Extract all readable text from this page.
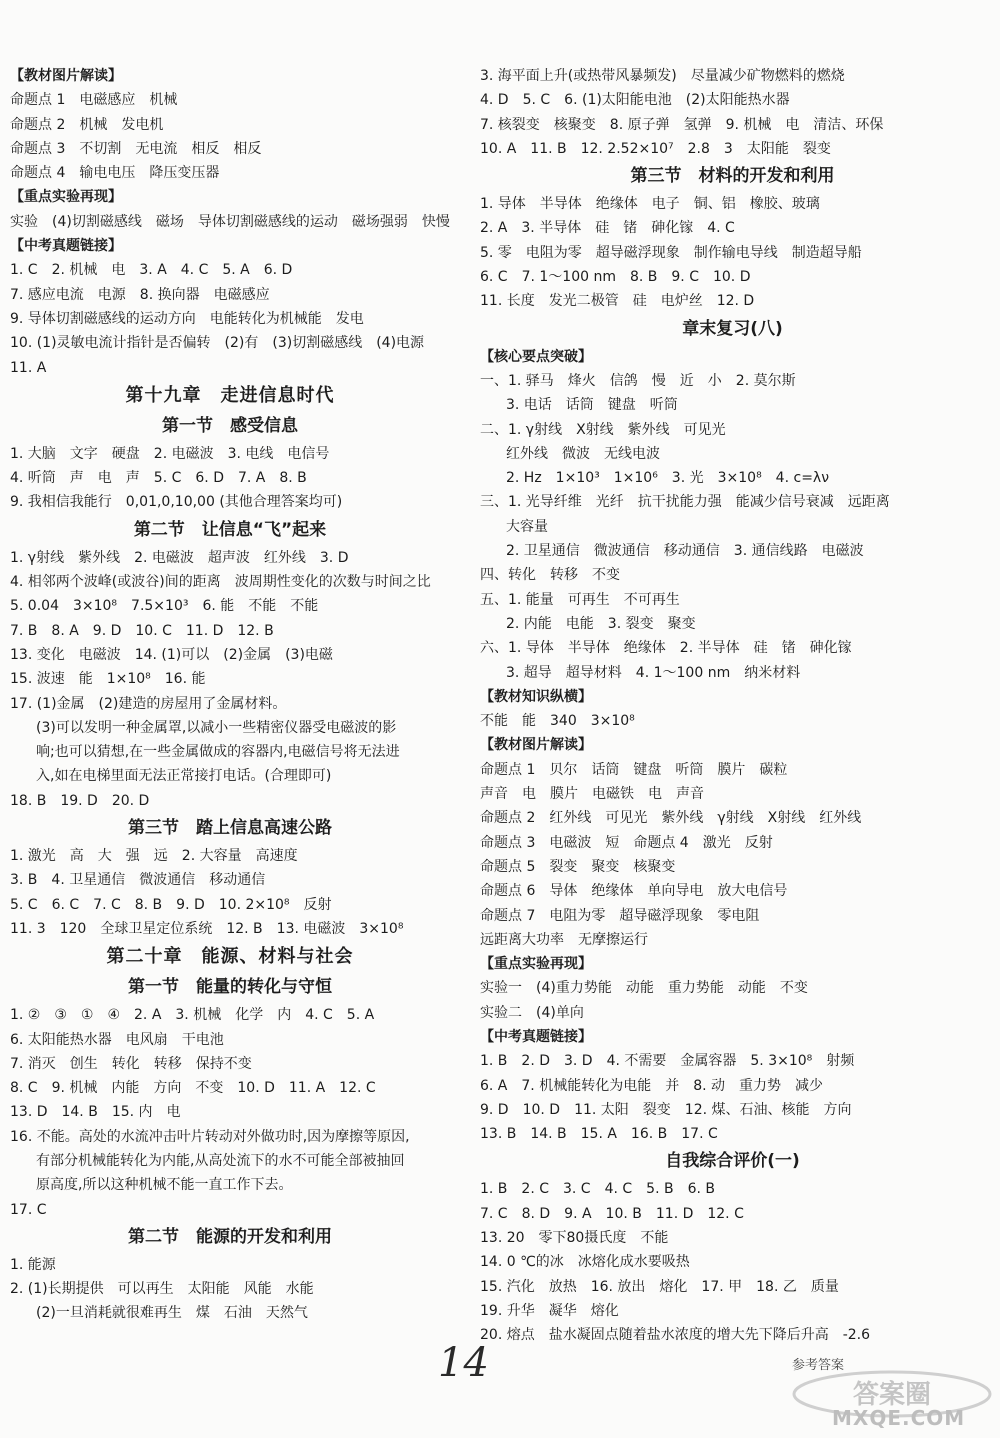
【教材图片解读】
命题点 1　电磁感应　机械
命题点 2　机械　发电机
命题点 3　不切割　无电流　相反　相反
命题点 4　输电电压　降压变压器
【重点实验再现】
实验　(4)切割磁感线　磁场　导体切割磁感线的运动　磁场强弱　快慢
【中考真题链接】
1. C　2. 机械　电　3. A　4. C　5. A　6. D
7. 感应电流　电源　8. 换向器　电磁感应
9. 导体切割磁感线的运动方向　电能转化为机械能　发电
10. (1)灵敏电流计指针是否偏转　(2)有　(3)切割磁感线　(4)电源
11. A
第十九章　走进信息时代
第一节　感受信息
1. 大脑　文字　硬盘　2. 电磁波　3. 电线　电信号
4. 听筒　声　电　声　5. C　6. D　7. A　8. B
9. 我相信我能行　0,01,0,10,00 (其他合理答案均可)
第二节　让信息“飞”起来
1. γ射线　紫外线　2. 电磁波　超声波　红外线　3. D
4. 相邻两个波峰(或波谷)间的距离　波周期性变化的次数与时间之比
5. 0.04　3×10⁸　7.5×10³　6. 能　不能　不能
7. B　8. A　9. D　10. C　11. D　12. B
13. 变化　电磁波　14. (1)可以　(2)金属　(3)电磁
15. 波速　能　1×10⁸　16. 能
17. (1)金属　(2)建造的房屋用了金属材料。
(3)可以发明一种金属罩,以减小一些精密仪器受电磁波的影
响;也可以猜想,在一些金属做成的容器内,电磁信号将无法进
入,如在电梯里面无法正常接打电话。(合理即可)
18. B　19. D　20. D
第三节　踏上信息高速公路
1. 激光　高　大　强　远　2. 大容量　高速度
3. B　4. 卫星通信　微波通信　移动通信
5. C　6. C　7. C　8. B　9. D　10. 2×10⁸　反射
11. 3　120　全球卫星定位系统　12. B　13. 电磁波　3×10⁸
第二十章　能源、材料与社会
第一节　能量的转化与守恒
1. ②　③　①　④　2. A　3. 机械　化学　内　4. C　5. A
6. 太阳能热水器　电风扇　干电池
7. 消灭　创生　转化　转移　保持不变
8. C　9. 机械　内能　方向　不变　10. D　11. A　12. C
13. D　14. B　15. 内　电
16. 不能。高处的水流冲击叶片转动对外做功时,因为摩擦等原因,
有部分机械能转化为内能,从高处流下的水不可能全部被抽回
原高度,所以这种机械不能一直工作下去。
17. C
第二节　能源的开发和利用
1. 能源
2. (1)长期提供　可以再生　太阳能　风能　水能
(2)一旦消耗就很难再生　煤　石油　天然气
3. 海平面上升(或热带风暴频发)　尽量减少矿物燃料的燃烧
4. D　5. C　6. (1)太阳能电池　(2)太阳能热水器
7. 核裂变　核聚变　8. 原子弹　氢弹　9. 机械　电　清洁、环保
10. A　11. B　12. 2.52×10⁷　2.8　3　太阳能　裂变
第三节　材料的开发和利用
1. 导体　半导体　绝缘体　电子　铜、铝　橡胶、玻璃
2. A　3. 半导体　硅　锗　砷化镓　4. C
5. 零　电阻为零　超导磁浮现象　制作输电导线　制造超导船
6. C　7. 1～100 nm　8. B　9. C　10. D
11. 长度　发光二极管　硅　电炉丝　12. D
章末复习(八)
【核心要点突破】
一、1. 驿马　烽火　信鸽　慢　近　小　2. 莫尔斯
3. 电话　话筒　键盘　听筒
二、1. γ射线　X射线　紫外线　可见光
红外线　微波　无线电波
2. Hz　1×10³　1×10⁶　3. 光　3×10⁸　4. c=λν
三、1. 光导纤维　光纤　抗干扰能力强　能减少信号衰减　远距离
大容量
2. 卫星通信　微波通信　移动通信　3. 通信线路　电磁波
四、转化　转移　不变
五、1. 能量　可再生　不可再生
2. 内能　电能　3. 裂变　聚变
六、1. 导体　半导体　绝缘体　2. 半导体　硅　锗　砷化镓
3. 超导　超导材料　4. 1～100 nm　纳米材料
【教材知识纵横】
不能　能　340　3×10⁸
【教材图片解读】
命题点 1　贝尔　话筒　键盘　听筒　膜片　碳粒
声音　电　膜片　电磁铁　电　声音
命题点 2　红外线　可见光　紫外线　γ射线　X射线　红外线
命题点 3　电磁波　短　命题点 4　激光　反射
命题点 5　裂变　聚变　核聚变
命题点 6　导体　绝缘体　单向导电　放大电信号
命题点 7　电阻为零　超导磁浮现象　零电阻
远距离大功率　无摩擦运行
【重点实验再现】
实验一　(4)重力势能　动能　重力势能　动能　不变
实验二　(4)单向
【中考真题链接】
1. B　2. D　3. D　4. 不需要　金属容器　5. 3×10⁸　射频
6. A　7. 机械能转化为电能　并　8. 动　重力势　减少
9. D　10. D　11. 太阳　裂变　12. 煤、石油、核能　方向
13. B　14. B　15. A　16. B　17. C
自我综合评价(一)
1. B　2. C　3. C　4. C　5. B　6. B
7. C　8. D　9. A　10. B　11. D　12. C
13. 20　零下80摄氏度　不能
14. 0 ℃的冰　冰熔化成水要吸热
15. 汽化　放热　16. 放出　熔化　17. 甲　18. 乙　质量
19. 升华　凝华　熔化
20. 熔点　盐水凝固点随着盐水浓度的增大先下降后升高　-2.6
14	参考答案
答案圈
MXQE.COM
